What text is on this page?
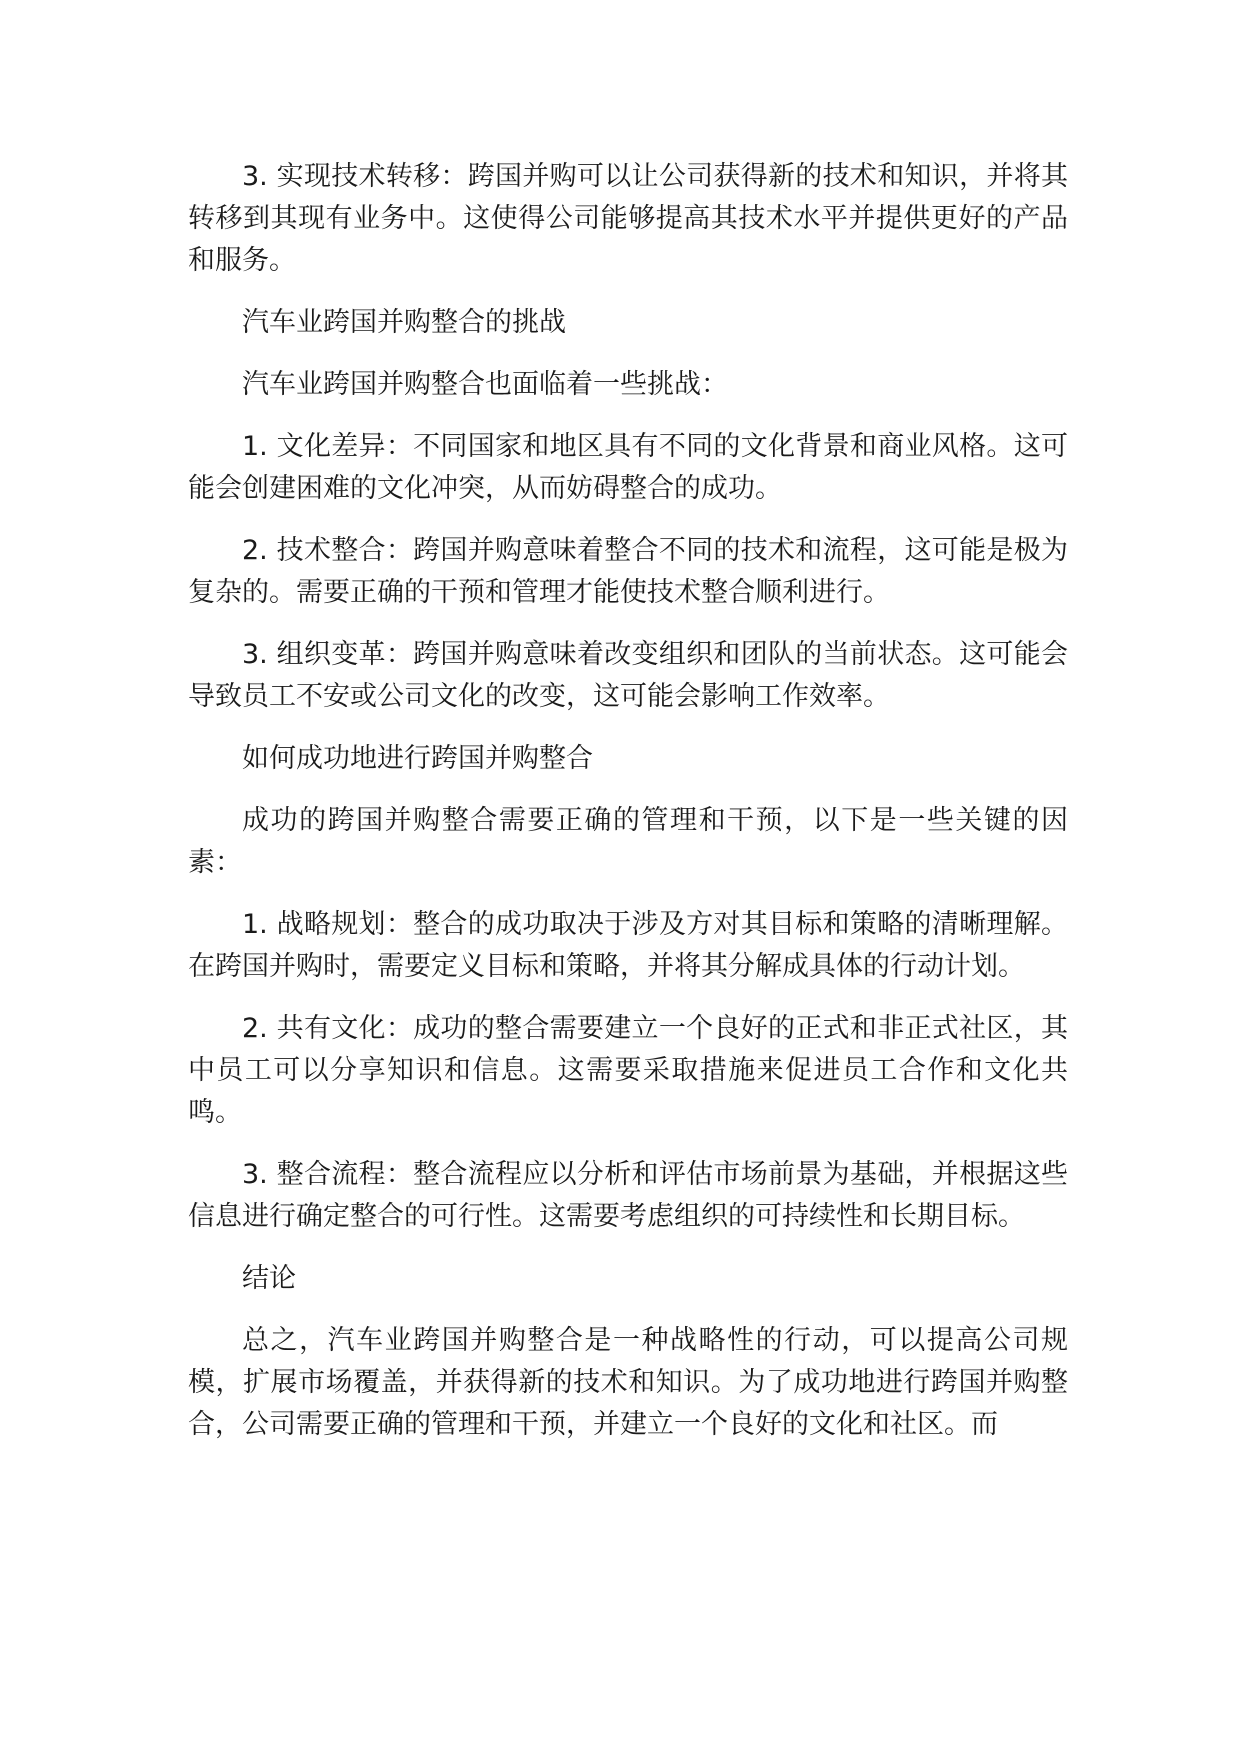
3. 实现技术转移：跨国并购可以让公司获得新的技术和知识，并将其转移到其现有业务中。这使得公司能够提高其技术水平并提供更好的产品和服务。

汽车业跨国并购整合的挑战

汽车业跨国并购整合也面临着一些挑战：

1. 文化差异：不同国家和地区具有不同的文化背景和商业风格。这可能会创建困难的文化冲突，从而妨碍整合的成功。

2. 技术整合：跨国并购意味着整合不同的技术和流程，这可能是极为复杂的。需要正确的干预和管理才能使技术整合顺利进行。

3. 组织变革：跨国并购意味着改变组织和团队的当前状态。这可能会导致员工不安或公司文化的改变，这可能会影响工作效率。

如何成功地进行跨国并购整合

成功的跨国并购整合需要正确的管理和干预，以下是一些关键的因素：

1. 战略规划：整合的成功取决于涉及方对其目标和策略的清晰理解。在跨国并购时，需要定义目标和策略，并将其分解成具体的行动计划。

2. 共有文化：成功的整合需要建立一个良好的正式和非正式社区，其中员工可以分享知识和信息。这需要采取措施来促进员工合作和文化共鸣。

3. 整合流程：整合流程应以分析和评估市场前景为基础，并根据这些信息进行确定整合的可行性。这需要考虑组织的可持续性和长期目标。

结论

总之，汽车业跨国并购整合是一种战略性的行动，可以提高公司规模，扩展市场覆盖，并获得新的技术和知识。为了成功地进行跨国并购整合，公司需要正确的管理和干预，并建立一个良好的文化和社区。而
